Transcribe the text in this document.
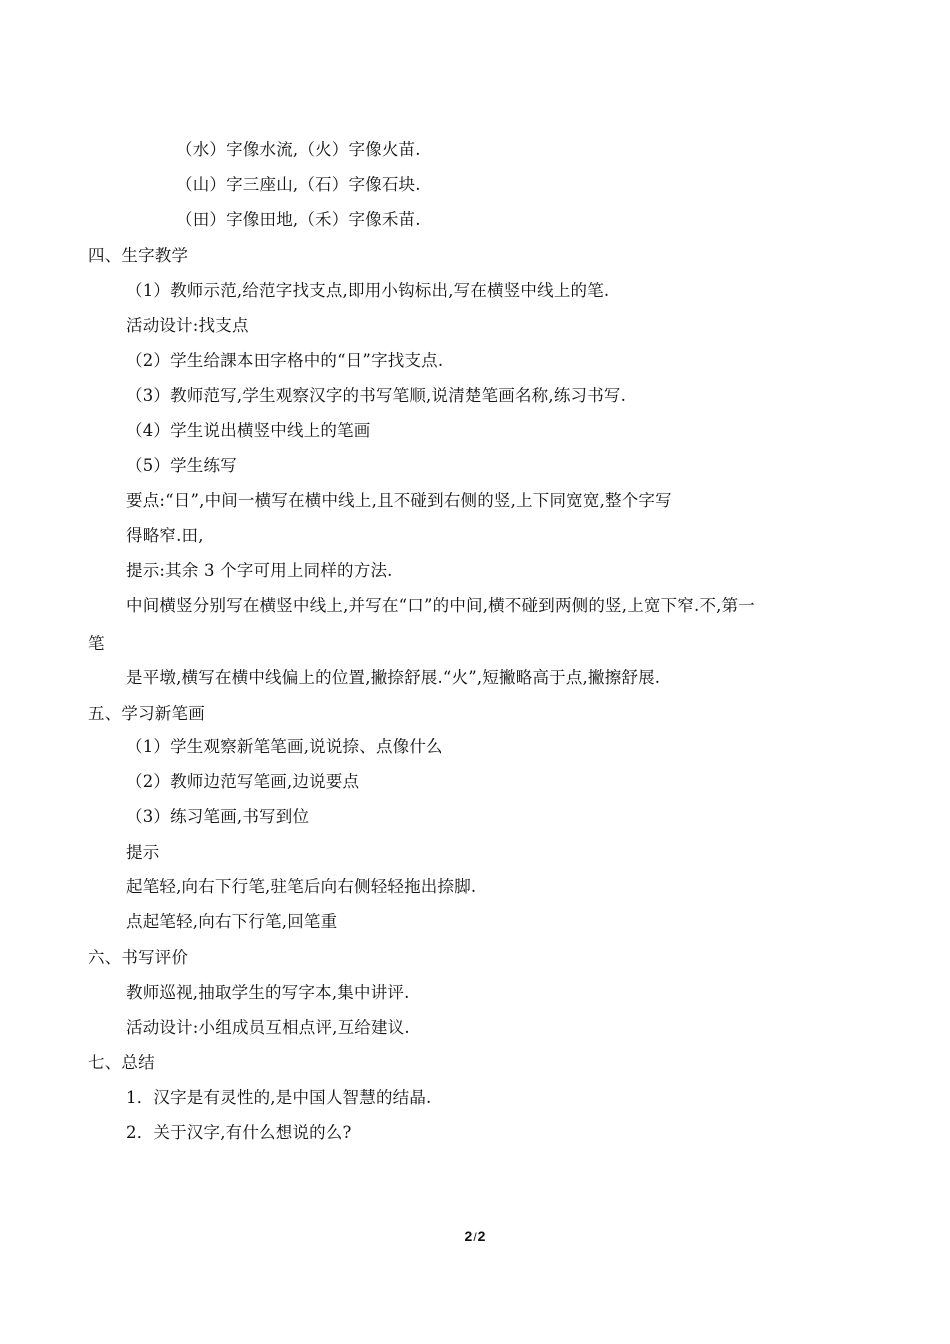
（水）字像水流,（火）字像火苗.
（山）字三座山,（石）字像石块.
（田）字像田地,（禾）字像禾苗.
四、生字教学
（1）教师示范,给范字找支点,即用小钩标出,写在横竖中线上的笔.
活动设计:找支点
（2）学生给課本田字格中的“日”字找支点.
（3）教师范写,学生观察汉字的书写笔顺,说清楚笔画名称,练习书写.
（4）学生说出横竖中线上的笔画
（5）学生练写
要点:“日”,中间一横写在横中线上,且不碰到右侧的竖,上下同宽宽,整个字写
得略窄.田,
提示:其余 3 个字可用上同样的方法.
中间横竖分别写在横竖中线上,并写在“口”的中间,横不碰到两侧的竖,上宽下窄.不,第一
笔
是平墩,横写在横中线偏上的位置,撇捺舒展.“火”,短撇略高于点,撇擦舒展.
五、学习新笔画
（1）学生观察新笔笔画,说说捺、点像什么
（2）教师边范写笔画,边说要点
（3）练习笔画,书写到位
提示
起笔轻,向右下行笔,驻笔后向右侧轻轻拖出捺脚.
点起笔轻,向右下行笔,回笔重
六、书写评价
教师巡视,抽取学生的写字本,集中讲评.
活动设计:小组成员互相点评,互给建议.
七、总结
1．汉字是有灵性的,是中国人智慧的结晶.
2．关于汉字,有什么想说的么?
2/2
